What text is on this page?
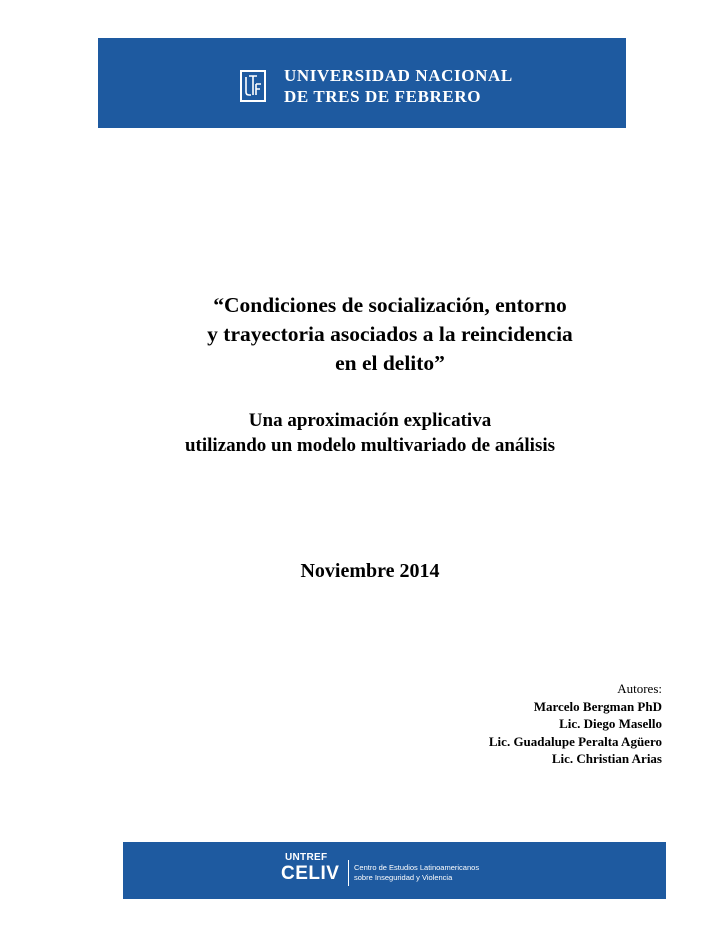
UNIVERSIDAD NACIONAL
DE TRES DE FEBRERO
“Condiciones de socialización, entorno
y trayectoria asociados a la reincidencia
en el delito”
Una aproximación explicativa
utilizando un modelo multivariado de análisis
Noviembre 2014
Autores:
Marcelo Bergman PhD
Lic. Diego Masello
Lic. Guadalupe Peralta Agüero
Lic. Christian Arias
UNTREF
CELIV Centro de Estudios Latinoamericanos
sobre Inseguridad y Violencia
